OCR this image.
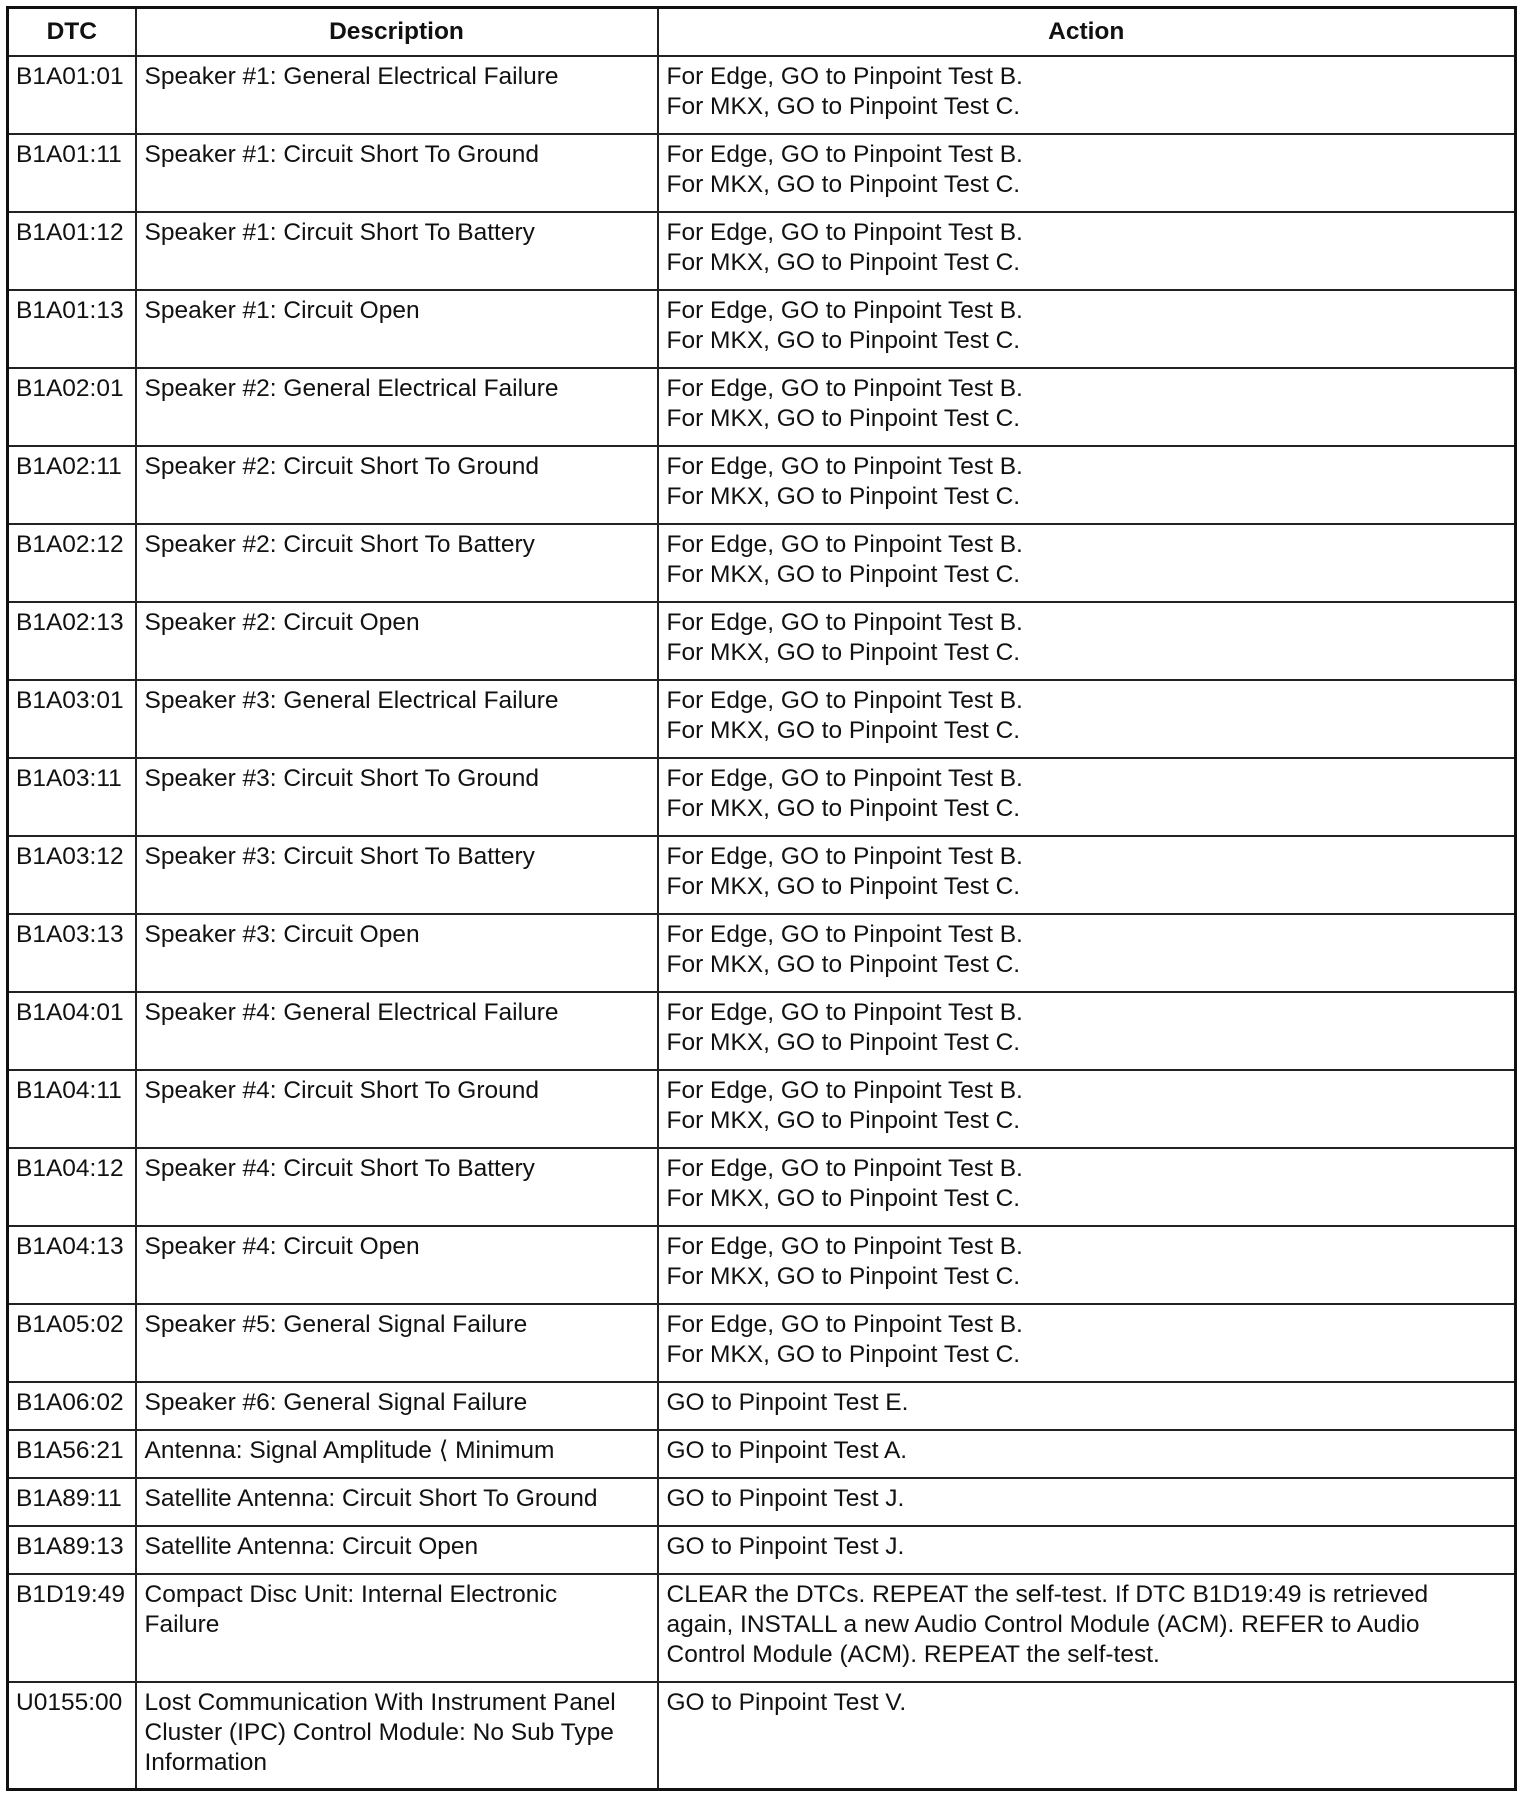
DTC	Description	Action
B1A01:01	Speaker #1: General Electrical Failure	For Edge, GO to Pinpoint Test B.
For MKX, GO to Pinpoint Test C.

B1A01:11	Speaker #1: Circuit Short To Ground	For Edge, GO to Pinpoint Test B.
For MKX, GO to Pinpoint Test C.

B1A01:12	Speaker #1: Circuit Short To Battery	For Edge, GO to Pinpoint Test B.
For MKX, GO to Pinpoint Test C.

B1A01:13	Speaker #1: Circuit Open	For Edge, GO to Pinpoint Test B.
For MKX, GO to Pinpoint Test C.

B1A02:01	Speaker #2: General Electrical Failure	For Edge, GO to Pinpoint Test B.
For MKX, GO to Pinpoint Test C.

B1A02:11	Speaker #2: Circuit Short To Ground	For Edge, GO to Pinpoint Test B.
For MKX, GO to Pinpoint Test C.

B1A02:12	Speaker #2: Circuit Short To Battery	For Edge, GO to Pinpoint Test B.
For MKX, GO to Pinpoint Test C.

B1A02:13	Speaker #2: Circuit Open	For Edge, GO to Pinpoint Test B.
For MKX, GO to Pinpoint Test C.

B1A03:01	Speaker #3: General Electrical Failure	For Edge, GO to Pinpoint Test B.
For MKX, GO to Pinpoint Test C.

B1A03:11	Speaker #3: Circuit Short To Ground	For Edge, GO to Pinpoint Test B.
For MKX, GO to Pinpoint Test C.

B1A03:12	Speaker #3: Circuit Short To Battery	For Edge, GO to Pinpoint Test B.
For MKX, GO to Pinpoint Test C.

B1A03:13	Speaker #3: Circuit Open	For Edge, GO to Pinpoint Test B.
For MKX, GO to Pinpoint Test C.

B1A04:01	Speaker #4: General Electrical Failure	For Edge, GO to Pinpoint Test B.
For MKX, GO to Pinpoint Test C.

B1A04:11	Speaker #4: Circuit Short To Ground	For Edge, GO to Pinpoint Test B.
For MKX, GO to Pinpoint Test C.

B1A04:12	Speaker #4: Circuit Short To Battery	For Edge, GO to Pinpoint Test B.
For MKX, GO to Pinpoint Test C.

B1A04:13	Speaker #4: Circuit Open	For Edge, GO to Pinpoint Test B.
For MKX, GO to Pinpoint Test C.

B1A05:02	Speaker #5: General Signal Failure	For Edge, GO to Pinpoint Test B.
For MKX, GO to Pinpoint Test C.

B1A06:02	Speaker #6: General Signal Failure	GO to Pinpoint Test E.

B1A56:21	Antenna: Signal Amplitude ⟨ Minimum	GO to Pinpoint Test A.

B1A89:11	Satellite Antenna: Circuit Short To Ground	GO to Pinpoint Test J.

B1A89:13	Satellite Antenna: Circuit Open	GO to Pinpoint Test J.

B1D19:49	Compact Disc Unit: Internal Electronic
Failure	CLEAR the DTCs. REPEAT the self-test. If DTC B1D19:49 is retrieved
again, INSTALL a new Audio Control Module (ACM). REFER to Audio
Control Module (ACM). REPEAT the self-test.

U0155:00	Lost Communication With Instrument Panel
Cluster (IPC) Control Module: No Sub Type
Information	GO to Pinpoint Test V.
